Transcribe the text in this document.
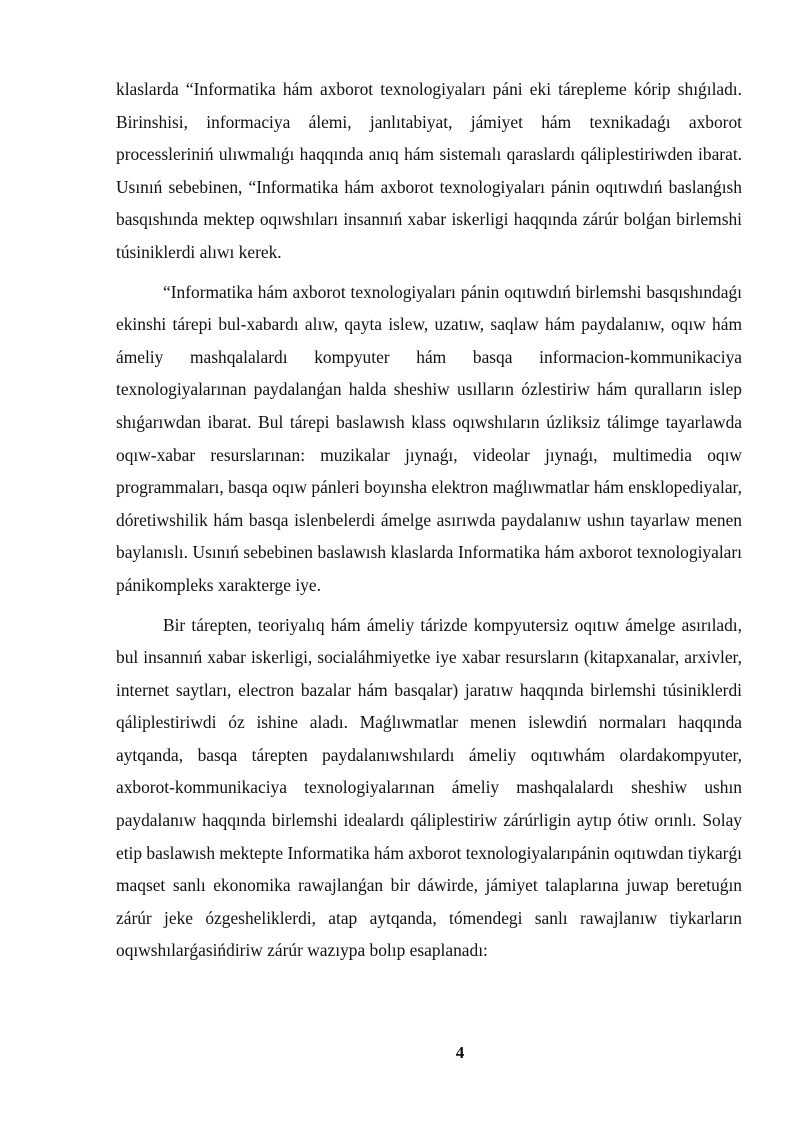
klaslarda “Informatika hám axborot texnologiyaları páni eki tárepleme kórip shıǵıladı. Birinshisi, informaciya álemi, janlıtabiyat, jámiyet hám texnikadaǵı axborot processleriniń ulıwmalıǵı haqqında anıq hám sistemalı qaraslardı qáliplestiriwden ibarat. Usınıń sebebinen, “Informatika hám axborot texnologiyaları pánin oqıtıwdıń baslanǵısh basqıshında mektep oqıwshıları insannıń xabar iskerligi haqqında zárúr bolǵan birlemshi túsiniklerdi alıwı kerek.

“Informatika hám axborot texnologiyaları pánin oqıtıwdıń birlemshi basqıshındaǵı ekinshi tárepi bul-xabardı alıw, qayta islew, uzatıw, saqlaw hám paydalanıw, oqıw hám ámeliy mashqalalardı kompyuter hám basqa informacion-kommunikaciya texnologiyalarınan paydalanǵan halda sheshiw usılların ózlestiriw hám quralların islep shıǵarıwdan ibarat. Bul tárepi baslawısh klass oqıwshıların úzliksiz tálimge tayarlawda oqıw-xabar resurslarınan: muzikalar jıynaǵı, videolar jıynaǵı, multimedia oqıw programmaları, basqa oqıw pánleri boyınsha elektron maǵlıwmatlar hám ensklopediyalar, dóretiwshilik hám basqa islenbelerdi ámelge asırıwda paydalanıw ushın tayarlaw menen baylanıslı. Usınıń sebebinen baslawısh klaslarda Informatika hám axborot texnologiyaları pánikompleks xarakterge iye.

Bir tárepten, teoriyalıq hám ámeliy tárizde kompyutersiz oqıtıw ámelge asırıladı, bul insannıń xabar iskerligi, socialáhmiyetke iye xabar resursların (kitapxanalar, arxivler, internet saytları, electron bazalar hám basqalar) jaratıw haqqında birlemshi túsiniklerdi qáliplestiriwdi óz ishine aladı. Maǵlıwmatlar menen islewdiń normaları haqqında aytqanda, basqa tárepten paydalanıwshılardı ámeliy oqıtıwhám olardakompyuter, axborot-kommunikaciya texnologiyalarınan ámeliy mashqalalardı sheshiw ushın paydalanıw haqqında birlemshi idealardı qáliplestiriw zárúrligin aytıp ótiw orınlı. Solay etip baslawısh mektepte Informatika hám axborot texnologiyalarıpánin oqıtıwdan tiykarǵı maqset sanlı ekonomika rawajlanǵan bir dáwirde, jámiyet talaplarına juwap beretuǵın zárúr jeke ózgesheliklerdi, atap aytqanda, tómendegi sanlı rawajlanıw tiykarların oqıwshılarǵasińdiriw zárúr wazıypa bolıp esaplanadı:

4
